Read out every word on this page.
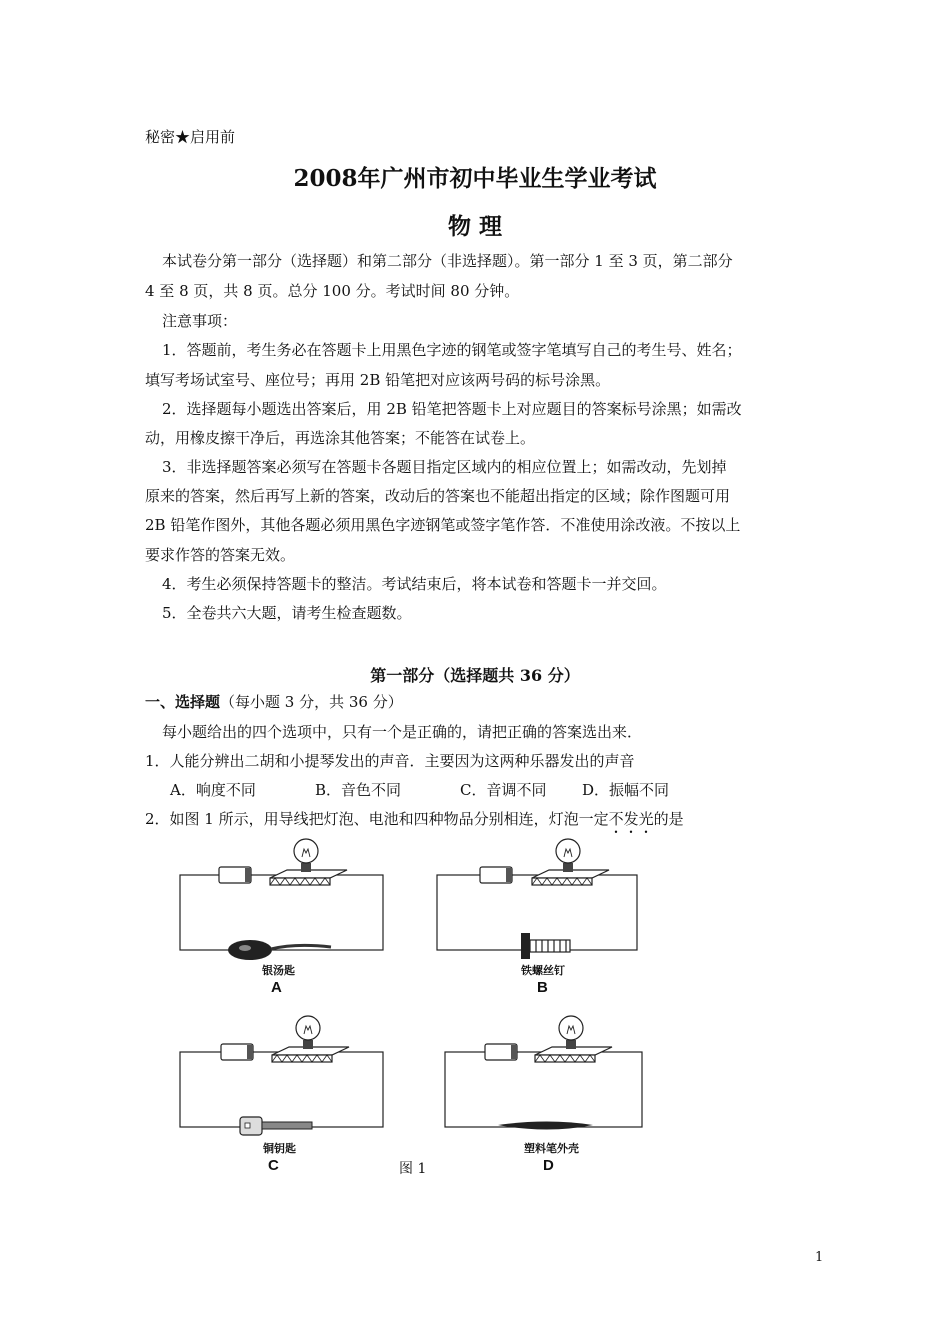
秘密★启用前
2008年广州市初中毕业生学业考试
物 理
本试卷分第一部分（选择题）和第二部分（非选择题）。第一部分 1 至 3 页，第二部分
4 至 8 页，共 8 页。总分 100 分。考试时间 80 分钟。
注意事项：
1．答题前，考生务必在答题卡上用黑色字迹的钢笔或签字笔填写自己的考生号、姓名；
填写考场试室号、座位号；再用 2B 铅笔把对应该两号码的标号涂黑。
2．选择题每小题选出答案后，用 2B 铅笔把答题卡上对应题目的答案标号涂黑；如需改
动，用橡皮擦干净后，再选涂其他答案；不能答在试卷上。
3．非选择题答案必须写在答题卡各题目指定区域内的相应位置上；如需改动，先划掉
原来的答案，然后再写上新的答案，改动后的答案也不能超出指定的区域；除作图题可用
2B 铅笔作图外，其他各题必须用黑色字迹钢笔或签字笔作答．不准使用涂改液。不按以上
要求作答的答案无效。
4．考生必须保持答题卡的整洁。考试结束后，将本试卷和答题卡一并交回。
5．全卷共六大题，请考生检查题数。
第一部分（选择题共 36 分）
一、选择题（每小题 3 分，共 36 分）
每小题给出的四个选项中，只有一个是正确的，请把正确的答案选出来．
1．人能分辨出二胡和小提琴发出的声音．主要因为这两种乐器发出的声音
A．响度不同	B．音色不同	C．音调不同 D．振幅不同
2．如图 1 所示，用导线把灯泡、电池和四种物品分别相连，灯泡一定不发光的是
银汤匙
A
铁螺丝钉
B
铜钥匙
C
塑料笔外壳
D
图 1
1
